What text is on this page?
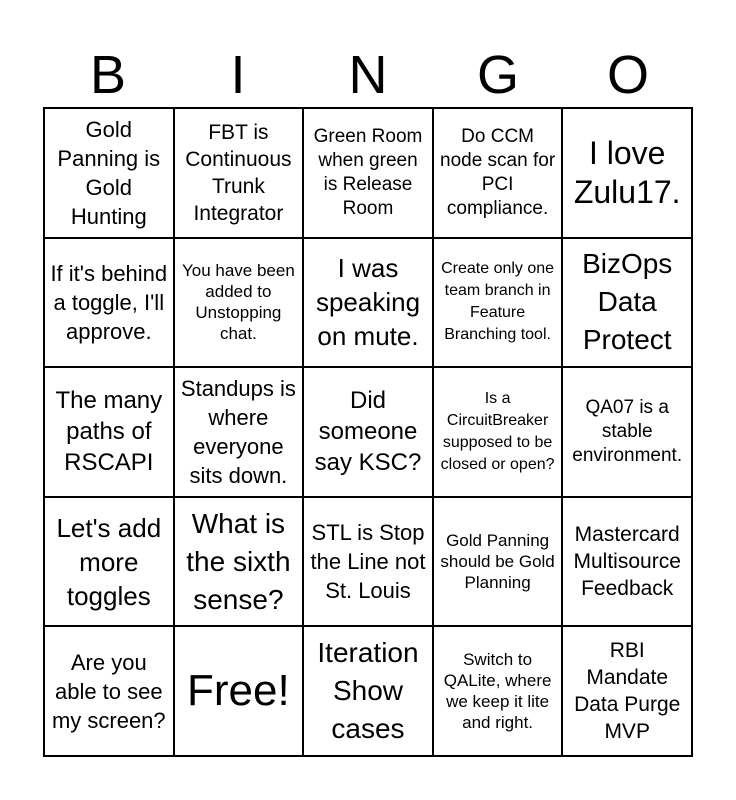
B	I	N	G	O
Gold Panning is Gold Hunting
FBT is Continuous Trunk Integrator
Green Room when green is Release Room
Do CCM node scan for PCI compliance.
I love Zulu17.
If it's behind a toggle, I'll approve.
You have been added to Unstopping chat.
I was speaking on mute.
Create only one team branch in Feature Branching tool.
BizOps Data Protect
The many paths of RSCAPI
Standups is where everyone sits down.
Did someone say KSC?
Is a CircuitBreaker supposed to be closed or open?
QA07 is a stable environment.
Let's add more toggles
What is the sixth sense?
STL is Stop the Line not St. Louis
Gold Panning should be Gold Planning
Mastercard Multisource Feedback
Are you able to see my screen?
Free!
Iteration Show cases
Switch to QALite, where we keep it lite and right.
RBI Mandate Data Purge MVP
